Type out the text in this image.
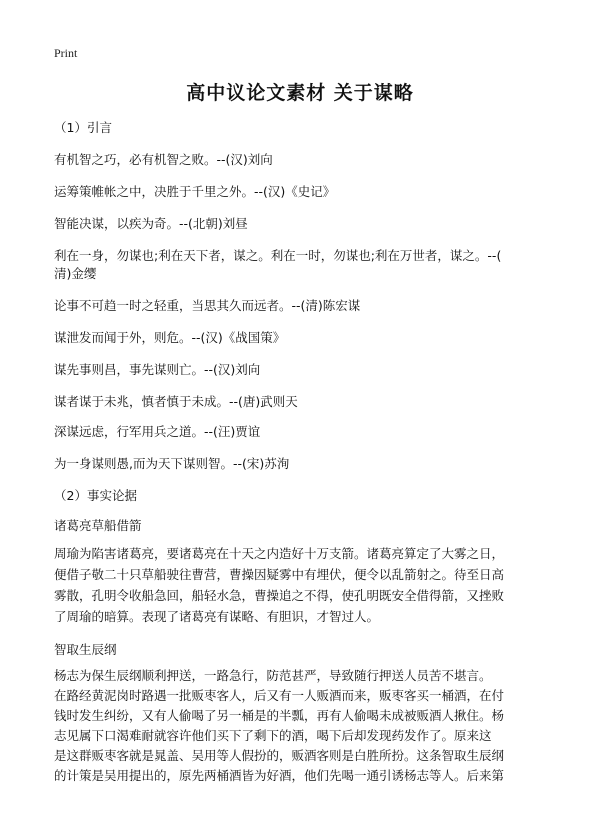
Print
高中议论文素材 关于谋略
（1）引言
有机智之巧，必有机智之败。--(汉)刘向
运筹策帷帐之中，决胜于千里之外。--(汉)《史记》
智能决谋，以疾为奇。--(北朝)刘昼
利在一身，勿谋也;利在天下者，谋之。利在一时，勿谋也;利在万世者，谋之。--(
清)金缨
论事不可趋一时之轻重，当思其久而远者。--(清)陈宏谋
谋泄发而闻于外，则危。--(汉)《战国策》
谋先事则昌，事先谋则亡。--(汉)刘向
谋者谋于未兆，慎者慎于未成。--(唐)武则天
深谋远虑，行军用兵之道。--(汪)贾谊
为一身谋则愚,而为天下谋则智。--(宋)苏洵
（2）事实论据
诸葛亮草船借箭
周瑜为陷害诸葛亮，要诸葛亮在十天之内造好十万支箭。诸葛亮算定了大雾之日，
便借子敬二十只草船驶往曹营，曹操因疑雾中有埋伏，便令以乱箭射之。待至日高
雾散，孔明令收船急回，船轻水急，曹操追之不得，使孔明既安全借得箭，又挫败
了周瑜的暗算。表现了诸葛亮有谋略、有胆识，才智过人。
智取生辰纲
杨志为保生辰纲顺利押送，一路急行，防范甚严，导致随行押送人员苦不堪言。
在路经黄泥岗时路遇一批贩枣客人，后又有一人贩酒而来，贩枣客买一桶酒，在付
钱时发生纠纷，又有人偷喝了另一桶是的半瓢，再有人偷喝未成被贩酒人揪住。杨
志见属下口渴难耐就容许他们买下了剩下的酒，喝下后却发现药发作了。原来这
是这群贩枣客就是晁盖、吴用等人假扮的，贩酒客则是白胜所扮。这条智取生辰纲
的计策是吴用提出的，原先两桶酒皆为好酒，他们先喝一通引诱杨志等人。后来第
